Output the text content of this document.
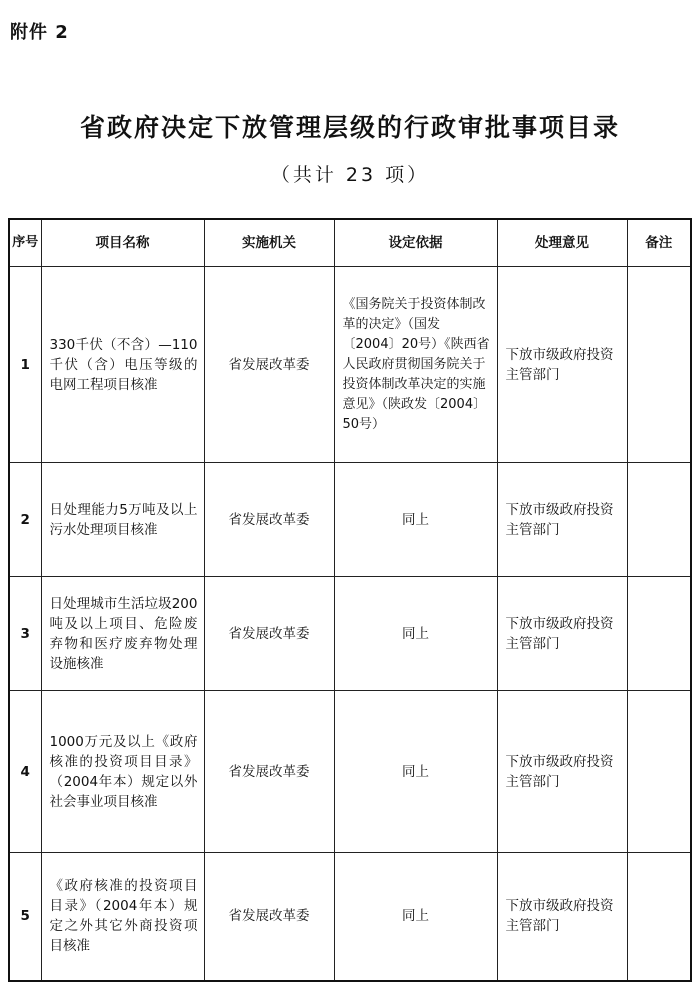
附件 2
省政府决定下放管理层级的行政审批事项目录
（共计 23 项）
序号	项目名称	实施机关	设定依据	处理意见	备注
1	330千伏（不含）—110千伏（含）电压等级的电网工程项目核准	省发展改革委	《国务院关于投资体制改革的决定》（国发〔2004〕20号）《陕西省人民政府贯彻国务院关于投资体制改革决定的实施意见》（陕政发〔2004〕50号）	下放市级政府投资主管部门	
2	日处理能力5万吨及以上污水处理项目核准	省发展改革委	同上	下放市级政府投资主管部门	
3	日处理城市生活垃圾200吨及以上项目、危险废弃物和医疗废弃物处理设施核准	省发展改革委	同上	下放市级政府投资主管部门	
4	1000万元及以上《政府核准的投资项目目录》（2004年本）规定以外社会事业项目核准	省发展改革委	同上	下放市级政府投资主管部门	
5	《政府核准的投资项目目录》（2004年本）规定之外其它外商投资项目核准	省发展改革委	同上	下放市级政府投资主管部门	
